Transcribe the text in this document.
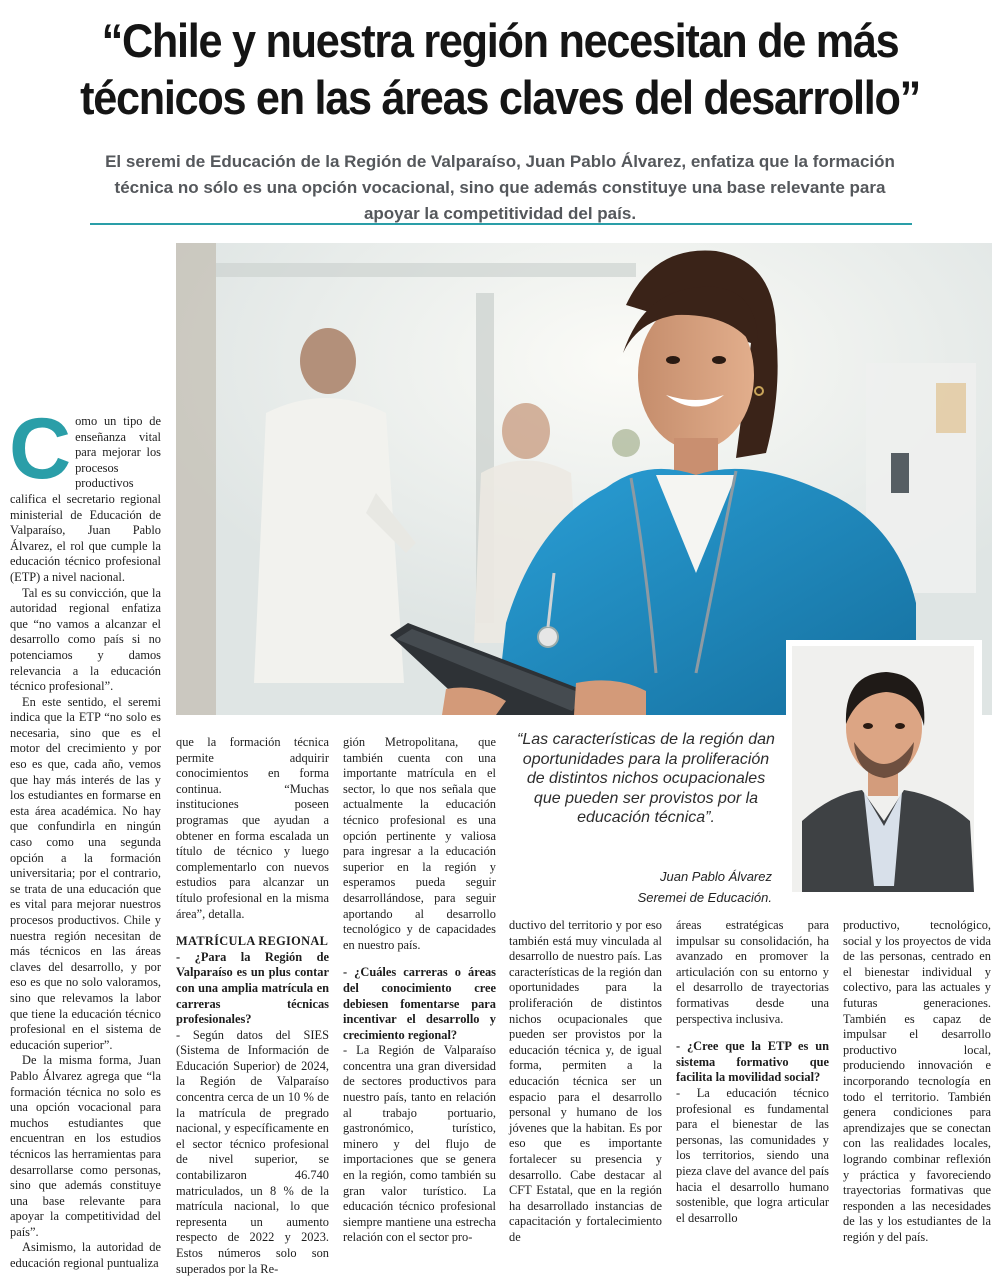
“Chile y nuestra región necesitan de más técnicos en las áreas claves del desarrollo”
El seremi de Educación de la Región de Valparaíso, Juan Pablo Álvarez, enfatiza que la formación técnica no sólo es una opción vocacional, sino que además constituye una base relevante para apoyar la competitividad del país.

Como un tipo de enseñanza vital para mejorar los procesos productivos califica el secretario regional ministerial de Educación de Valparaíso, Juan Pablo Álvarez, el rol que cumple la educación técnico profesional (ETP) a nivel nacional.

Tal es su convicción, que la autoridad regional enfatiza que “no vamos a alcanzar el desarrollo como país si no potenciamos y damos relevancia a la educación técnico profesional”.

En este sentido, el seremi indica que la ETP “no solo es necesaria, sino que es el motor del crecimiento y por eso es que, cada año, vemos que hay más interés de las y los estudiantes en formarse en esta área académica. No hay que confundirla en ningún caso como una segunda opción a la formación universitaria; por el contrario, se trata de una educación que es vital para mejorar nuestros procesos productivos. Chile y nuestra región necesitan de más técnicos en las áreas claves del desarrollo, y por eso es que no solo valoramos, sino que relevamos la labor que tiene la educación técnico profesional en el sistema de educación superior”.

De la misma forma, Juan Pablo Álvarez agrega que “la formación técnica no solo es una opción vocacional para muchos estudiantes que encuentran en los estudios técnicos las herramientas para desarrollarse como personas, sino que además constituye una base relevante para apoyar la competitividad del país”.

Asimismo, la autoridad de educación regional puntualiza

que la formación técnica permite adquirir conocimientos en forma continua. “Muchas instituciones poseen programas que ayudan a obtener en forma escalada un título de técnico y luego complementarlo con nuevos estudios para alcanzar un título profesional en la misma área”, detalla.

MATRÍCULA REGIONAL

- ¿Para la Región de Valparaíso es un plus contar con una amplia matrícula en carreras técnicas profesionales?

- Según datos del SIES (Sistema de Información de Educación Superior) de 2024, la Región de Valparaíso concentra cerca de un 10 % de la matrícula de pregrado nacional, y específicamente en el sector técnico profesional de nivel superior, se contabilizaron 46.740 matriculados, un 8 % de la matrícula nacional, lo que representa un aumento respecto de 2022 y 2023. Estos números solo son superados por la Re-

gión Metropolitana, que también cuenta con una importante matrícula en el sector, lo que nos señala que actualmente la educación técnico profesional es una opción pertinente y valiosa para ingresar a la educación superior en la región y esperamos pueda seguir desarrollándose, para seguir aportando al desarrollo tecnológico y de capacidades en nuestro país.

- ¿Cuáles carreras o áreas del conocimiento cree debiesen fomentarse para incentivar el desarrollo y crecimiento regional?

- La Región de Valparaíso concentra una gran diversidad de sectores productivos para nuestro país, tanto en relación al trabajo portuario, gastronómico, turístico, minero y del flujo de importaciones que se genera en la región, como también su gran valor turístico. La educación técnico profesional siempre mantiene una estrecha relación con el sector pro-

“Las características de la región dan oportunidades para la proliferación de distintos nichos ocupacionales que pueden ser provistos por la educación técnica”.
Juan Pablo Álvarez
Seremei de Educación.

ductivo del territorio y por eso también está muy vinculada al desarrollo de nuestro país. Las características de la región dan oportunidades para la proliferación de distintos nichos ocupacionales que pueden ser provistos por la educación técnica y, de igual forma, permiten a la educación técnica ser un espacio para el desarrollo personal y humano de los jóvenes que la habitan. Es por eso que es importante fortalecer su presencia y desarrollo. Cabe destacar al CFT Estatal, que en la región ha desarrollado instancias de capacitación y fortalecimiento de

áreas estratégicas para impulsar su consolidación, ha avanzado en promover la articulación con su entorno y el desarrollo de trayectorias formativas desde una perspectiva inclusiva.

- ¿Cree que la ETP es un sistema formativo que facilita la movilidad social?

- La educación técnico profesional es fundamental para el bienestar de las personas, las comunidades y los territorios, siendo una pieza clave del avance del país hacia el desarrollo humano sostenible, que logra articular el desarrollo

productivo, tecnológico, social y los proyectos de vida de las personas, centrado en el bienestar individual y colectivo, para las actuales y futuras generaciones. También es capaz de impulsar el desarrollo productivo local, produciendo innovación e incorporando tecnología en todo el territorio. También genera condiciones para aprendizajes que se conectan con las realidades locales, logrando combinar reflexión y práctica y favoreciendo trayectorias formativas que responden a las necesidades de las y los estudiantes de la región y del país.
